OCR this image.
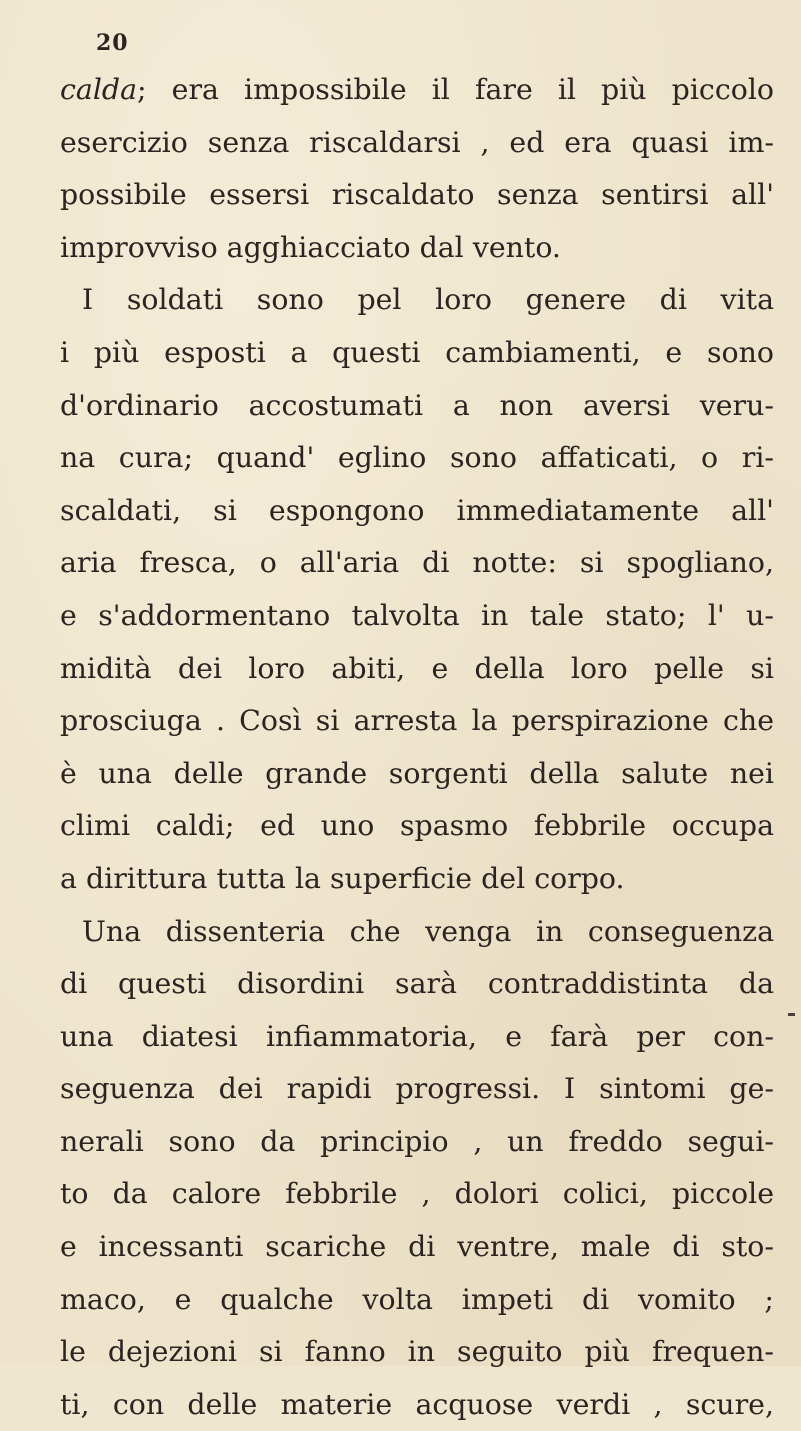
20
calda; era impossibile il fare il più piccolo
esercizio senza riscaldarsi , ed era quasi im-
possibile essersi riscaldato senza sentirsi all'
improvviso agghiacciato dal vento.
I soldati sono pel loro genere di vita
i più esposti a questi cambiamenti, e sono
d'ordinario accostumati a non aversi veru-
na cura; quand' eglino sono affaticati, o ri-
scaldati, si espongono immediatamente all'
aria fresca, o all'aria di notte: si spogliano,
e s'addormentano talvolta in tale stato; l' u-
midità dei loro abiti, e della loro pelle si
prosciuga . Così si arresta la perspirazione che
è una delle grande sorgenti della salute nei
climi caldi; ed uno spasmo febbrile occupa
a dirittura tutta la superficie del corpo.
Una dissenteria che venga in conseguenza
di questi disordini sarà contraddistinta da
una diatesi infiammatoria, e farà per con-
seguenza dei rapidi progressi. I sintomi ge-
nerali sono da principio , un freddo segui-
to da calore febbrile , dolori colici, piccole
e incessanti scariche di ventre, male di sto-
maco, e qualche volta impeti di vomito ;
le dejezioni si fanno in seguito più frequen-
ti, con delle materie acquose verdi , scure,
